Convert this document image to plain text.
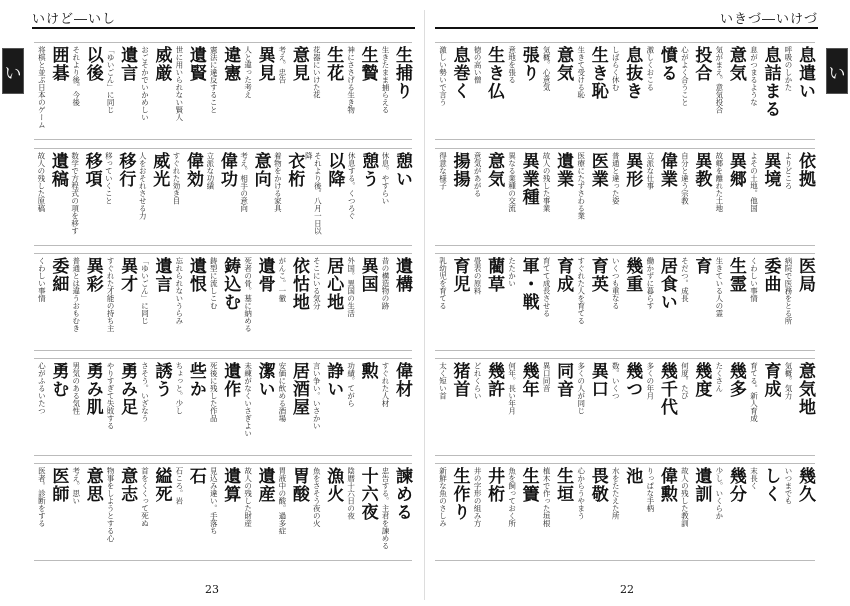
いけど―いし
い	生捕り
生きたまま捕らえる
生贄
神にささげる生き物
生花
花器にいけた花
意見
考え。忠告
異見
人と違った考え
違憲
憲法に違反すること
遺賢
世に用いられない賢人
威厳
おごそかでいかめしい
遺言
「ゆいごん」に同じ
以後
それより後。今後
囲碁
将棋と並ぶ日本のゲーム
憩い
休息。やすらい
憩う
休息する。くつろぐ
以降
それより後。八月一日以降
衣桁
着物をかける家具
意向
考え。相手の意向
偉功
立派な功績
偉効
すぐれた効き目
威光
人をおそれさせる力
移行
移っていくこと
移項
数学で方程式の項を移す
遺稿
故人の残した原稿
遺構
昔の構造物の跡
異国
外国。異国の生活
居心地
そこにいる気分
依怙地
がんこ。一徹
遺骨
死者の骨。墓に納める
鋳込む
鋳型に流しこむ
遺恨
忘れられないうらみ
遺言
「ゆいごん」に同じ
異才
すぐれた才能の持ち主
異彩
普通とは違うおもむき
委細
くわしい事情
偉材
すぐれた人材
勲
功績。てがら
諍い
言い争い。いさかい
居酒屋
安価に飲める酒場
潔い
未練がなくいさぎよい
遺作
死後に残した作品
些か
ちょっと。少し
誘う
さそう。いざなう
勇み足
やりすぎて失敗する
勇み肌
男気のある気性
勇む
心がふるいたつ
諫める
忠告する。主君を諫める
十六夜
陰暦十六日の夜
漁火
魚をさそう夜の火
胃酸
胃液中の酸。過多症
遺産
故人の残した財産
遺算
見込み違い。手落ち
石
石ころ。岩
縊死
首をくくって死ぬ
意志
物事をしようとする心
意思
考え。思い
医師
医者。診断をする
23
いきづ―いけづ
い
息遣い
呼吸のしかた
息詰まる
息がつまるような
意気
気がまえ。意気投合
投合
心がよく合うこと
憤る
激しくおこる
息抜き
しばらく休む
生き恥
生きて受ける恥
意気
気概。心意気
張り
意地を張る
生き仏
徳の高い僧
息巻く
激しい勢いで言う
依拠
よりどころ
異境
よその土地。他国
異郷
故郷を離れた土地
異教
自分と違う宗教
偉業
立派な仕事
異形
普通と違った姿
医業
医療にたずさわる業
遺業
故人の残した事業
異業種
異なる業種の交流
意気
意気があがる
揚揚
得意な様子
医局
病院で医務をとる所
委曲
くわしい事情
生霊
生きている人の霊
育
そだつ。成長
居食い
働かずに暮らす
幾重
いくつも重なる
育英
すぐれた人を育てる
育成
育てて成長させる
軍・戦
たたかい
藺草
畳表の原料
育児
乳幼児を育てる
意気地
気概。気力
育成
育てる。新人育成
幾多
たくさん
幾度
何度。たび
幾千代
多くの年月
幾つ
数。いくつ
異口
多くの人が同じ
同音
異口同音
幾年
何年。長い年月
幾許
どれくらい
猪首
太く短い首
幾久
いつまでも
しく
末長く
幾分
少し。いくらか
遺訓
故人の残した教訓
偉勲
りっぱな手柄
池
水をたたえた所
畏敬
心からうやまう
生垣
植木で作った垣根
生簀
魚を飼っておく所
井桁
井の字形の組み方
生作り
新鮮な魚のさしみ
22
